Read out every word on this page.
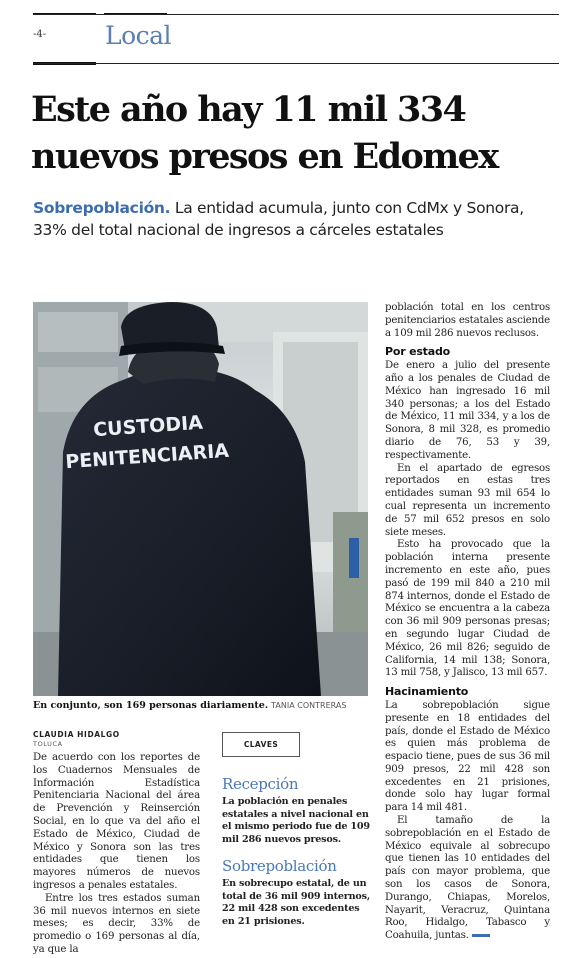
-4- Local
Este año hay 11 mil 334 nuevos presos en Edomex
Sobrepoblación. La entidad acumula, junto con CdMx y Sonora, 33% del total nacional de ingresos a cárceles estatales
CUSTODIA
PENITENCIARIA
En conjunto, son 169 personas diariamente. TANIA CONTRERAS
CLAUDIA HIDALGO
TOLUCA

De acuerdo con los reportes de los Cuadernos Mensuales de Información Estadística Penitenciaria Nacional del área de Prevención y Reinserción Social, en lo que va del año el Estado de México, Ciudad de México y Sonora son las tres entidades que tienen los mayores números de nuevos ingresos a penales estatales.

Entre los tres estados suman 36 mil nuevos internos en siete meses; es decir, 33% de promedio o 169 personas al día, ya que la

CLAVES
Recepción
La población en penales estatales a nivel nacional en el mismo periodo fue de 109 mil 286 nuevos presos.
Sobrepoblación
En sobrecupo estatal, de un total de 36 mil 909 internos, 22 mil 428 son excedentes en 21 prisiones.

población total en los centros penitenciarios estatales asciende a 109 mil 286 nuevos reclusos.

Por estado

De enero a julio del presente año a los penales de Ciudad de México han ingresado 16 mil 340 personas; a los del Estado de México, 11 mil 334, y a los de Sonora, 8 mil 328, es promedio diario de 76, 53 y 39, respectivamente.

En el apartado de egresos reportados en estas tres entidades suman 93 mil 654 lo cual representa un incremento de 57 mil 652 presos en solo siete meses.

Esto ha provocado que la población interna presente incremento en este año, pues pasó de 199 mil 840 a 210 mil 874 internos, donde el Estado de México se encuentra a la cabeza con 36 mil 909 personas presas; en segundo lugar Ciudad de México, 26 mil 826; seguido de California, 14 mil 138; Sonora, 13 mil 758, y Jalisco, 13 mil 657.

Hacinamiento

La sobrepoblación sigue presente en 18 entidades del país, donde el Estado de México es quien más problema de espacio tiene, pues de sus 36 mil 909 presos, 22 mil 428 son excedentes en 21 prisiones, donde solo hay lugar formal para 14 mil 481.

El tamaño de la sobrepoblación en el Estado de México equivale al sobrecupo que tienen las 10 entidades del país con mayor problema, que son los casos de Sonora, Durango, Chiapas, Morelos, Nayarit, Veracruz, Quintana Roo, Hidalgo, Tabasco y Coahuila, juntas.
